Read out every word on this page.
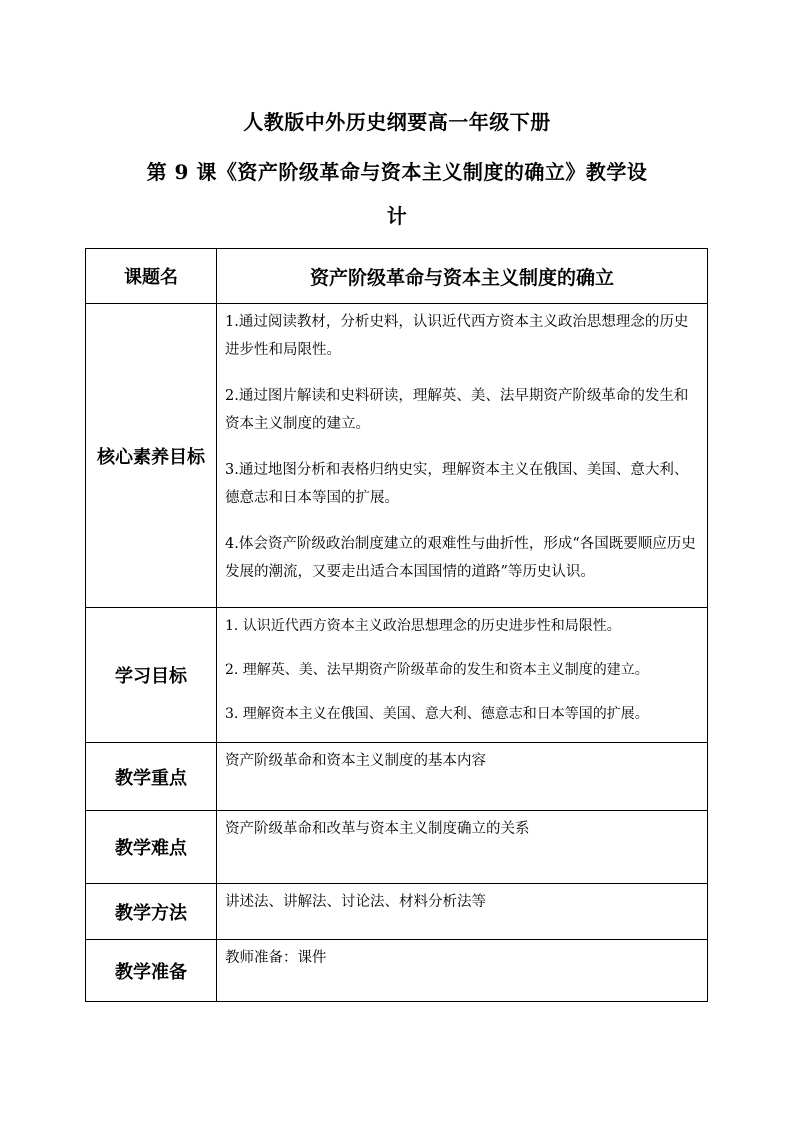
人教版中外历史纲要高一年级下册
第 9 课《资产阶级革命与资本主义制度的确立》教学设
计
课题名	资产阶级革命与资本主义制度的确立
核心素养目标	1.通过阅读教材，分析史料，认识近代西方资本主义政治思想理念的历史进步性和局限性。

2.通过图片解读和史料研读，理解英、美、法早期资产阶级革命的发生和资本主义制度的建立。

3.通过地图分析和表格归纳史实，理解资本主义在俄国、美国、意大利、德意志和日本等国的扩展。

4.体会资产阶级政治制度建立的艰难性与曲折性，形成“各国既要顺应历史发展的潮流，又要走出适合本国国情的道路”等历史认识。

学习目标	1. 认识近代西方资本主义政治思想理念的历史进步性和局限性。

2. 理解英、美、法早期资产阶级革命的发生和资本主义制度的建立。

3. 理解资本主义在俄国、美国、意大利、德意志和日本等国的扩展。

教学重点	资产阶级革命和资本主义制度的基本内容
教学难点	资产阶级革命和改革与资本主义制度确立的关系
教学方法	讲述法、讲解法、讨论法、材料分析法等
教学准备	教师准备：课件
